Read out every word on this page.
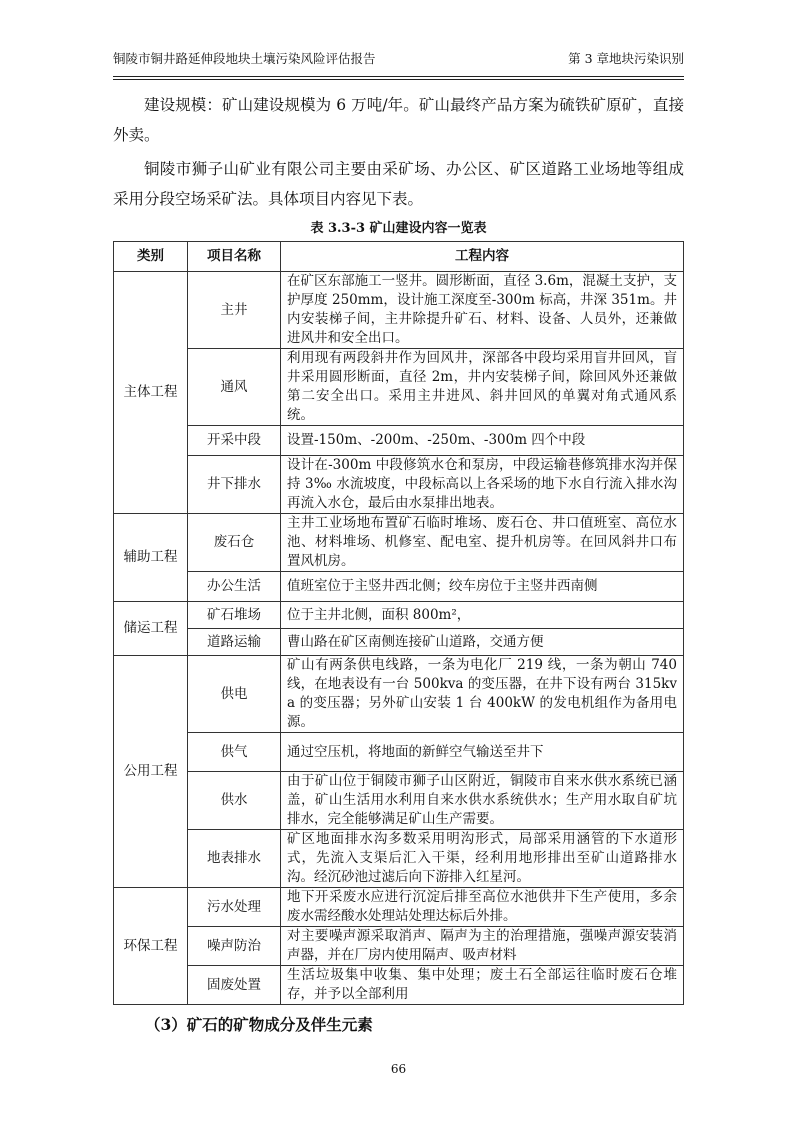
铜陵市铜井路延伸段地块土壤污染风险评估报告	第 3 章地块污染识别
建设规模：矿山建设规模为 6 万吨/年。矿山最终产品方案为硫铁矿原矿，直接外卖。
铜陵市狮子山矿业有限公司主要由采矿场、办公区、矿区道路工业场地等组成采用分段空场采矿法。具体项目内容见下表。
表 3.3-3 矿山建设内容一览表
类别	项目名称	工程内容
主体工程	主井	在矿区东部施工一竖井。圆形断面，直径 3.6m，混凝土支护，支护厚度 250mm，设计施工深度至-300m 标高，井深 351m。井内安装梯子间，主井除提升矿石、材料、设备、人员外，还兼做进风井和安全出口。
	通风	利用现有两段斜井作为回风井，深部各中段均采用盲井回风，盲井采用圆形断面，直径 2m，井内安装梯子间，除回风外还兼做第二安全出口。采用主井进风、斜井回风的单翼对角式通风系统。
	开采中段	设置-150m、-200m、-250m、-300m 四个中段
	井下排水	设计在-300m 中段修筑水仓和泵房，中段运输巷修筑排水沟并保持 3‰ 水流坡度，中段标高以上各采场的地下水自行流入排水沟再流入水仓，最后由水泵排出地表。
辅助工程	废石仓	主井工业场地布置矿石临时堆场、废石仓、井口值班室、高位水池、材料堆场、机修室、配电室、提升机房等。在回风斜井口布置风机房。
	办公生活	值班室位于主竖井西北侧；绞车房位于主竖井西南侧
储运工程	矿石堆场	位于主井北侧，面积 800m²，
	道路运输	曹山路在矿区南侧连接矿山道路，交通方便
公用工程	供电	矿山有两条供电线路，一条为电化厂 219 线，一条为朝山 740 线，在地表设有一台 500kva 的变压器，在井下设有两台 315kva 的变压器；另外矿山安装 1 台 400kW 的发电机组作为备用电源。
	供气	通过空压机，将地面的新鲜空气输送至井下
	供水	由于矿山位于铜陵市狮子山区附近，铜陵市自来水供水系统已涵盖，矿山生活用水利用自来水供水系统供水；生产用水取自矿坑排水，完全能够满足矿山生产需要。
	地表排水	矿区地面排水沟多数采用明沟形式，局部采用涵管的下水道形式，先流入支渠后汇入干渠，经利用地形排出至矿山道路排水沟。经沉砂池过滤后向下游排入红星河。
环保工程	污水处理	地下开采废水应进行沉淀后排至高位水池供井下生产使用，多余废水需经酸水处理站处理达标后外排。
	噪声防治	对主要噪声源采取消声、隔声为主的治理措施，强噪声源安装消声器，并在厂房内使用隔声、吸声材料
	固废处置	生活垃圾集中收集、集中处理；废土石全部运往临时废石仓堆存，并予以全部利用
（3）矿石的矿物成分及伴生元素
66
